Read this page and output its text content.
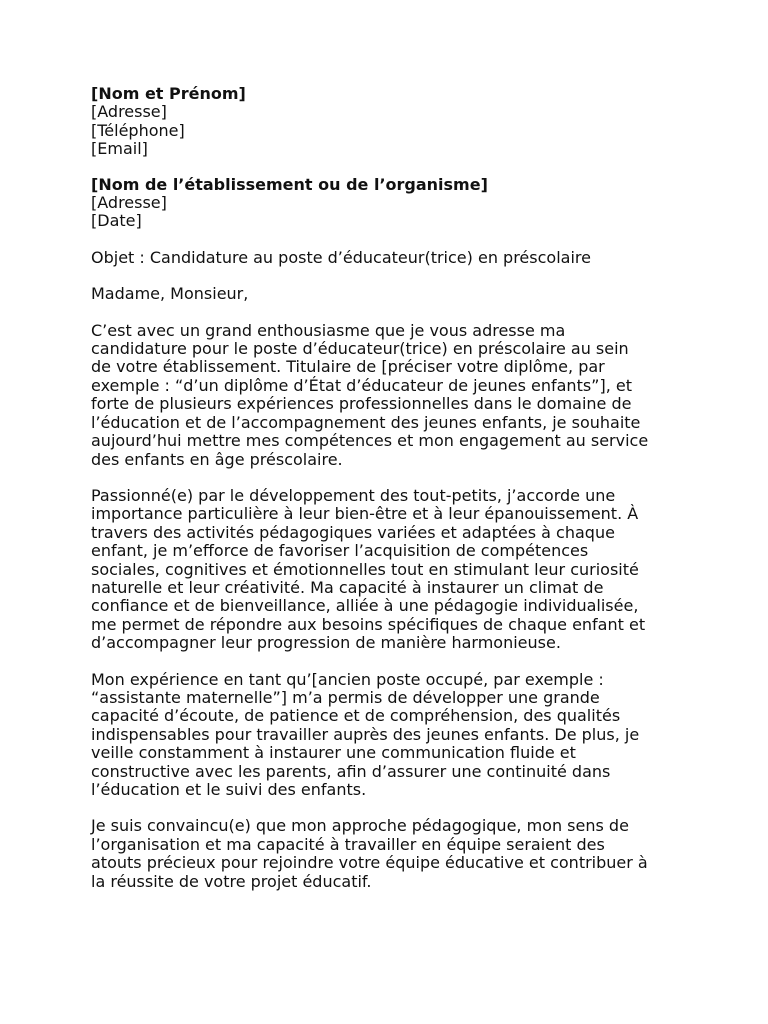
[Nom et Prénom]
[Adresse]
[Téléphone]
[Email]
[Nom de l’établissement ou de l’organisme]
[Adresse]
[Date]
Objet : Candidature au poste d’éducateur(trice) en préscolaire
Madame, Monsieur,
C’est avec un grand enthousiasme que je vous adresse ma
candidature pour le poste d’éducateur(trice) en préscolaire au sein
de votre établissement. Titulaire de [préciser votre diplôme, par
exemple : “d’un diplôme d’État d’éducateur de jeunes enfants”], et
forte de plusieurs expériences professionnelles dans le domaine de
l’éducation et de l’accompagnement des jeunes enfants, je souhaite
aujourd’hui mettre mes compétences et mon engagement au service
des enfants en âge préscolaire.
Passionné(e) par le développement des tout-petits, j’accorde une
importance particulière à leur bien-être et à leur épanouissement. À
travers des activités pédagogiques variées et adaptées à chaque
enfant, je m’efforce de favoriser l’acquisition de compétences
sociales, cognitives et émotionnelles tout en stimulant leur curiosité
naturelle et leur créativité. Ma capacité à instaurer un climat de
confiance et de bienveillance, alliée à une pédagogie individualisée,
me permet de répondre aux besoins spécifiques de chaque enfant et
d’accompagner leur progression de manière harmonieuse.
Mon expérience en tant qu’[ancien poste occupé, par exemple :
“assistante maternelle”] m’a permis de développer une grande
capacité d’écoute, de patience et de compréhension, des qualités
indispensables pour travailler auprès des jeunes enfants. De plus, je
veille constamment à instaurer une communication fluide et
constructive avec les parents, afin d’assurer une continuité dans
l’éducation et le suivi des enfants.
Je suis convaincu(e) que mon approche pédagogique, mon sens de
l’organisation et ma capacité à travailler en équipe seraient des
atouts précieux pour rejoindre votre équipe éducative et contribuer à
la réussite de votre projet éducatif.
